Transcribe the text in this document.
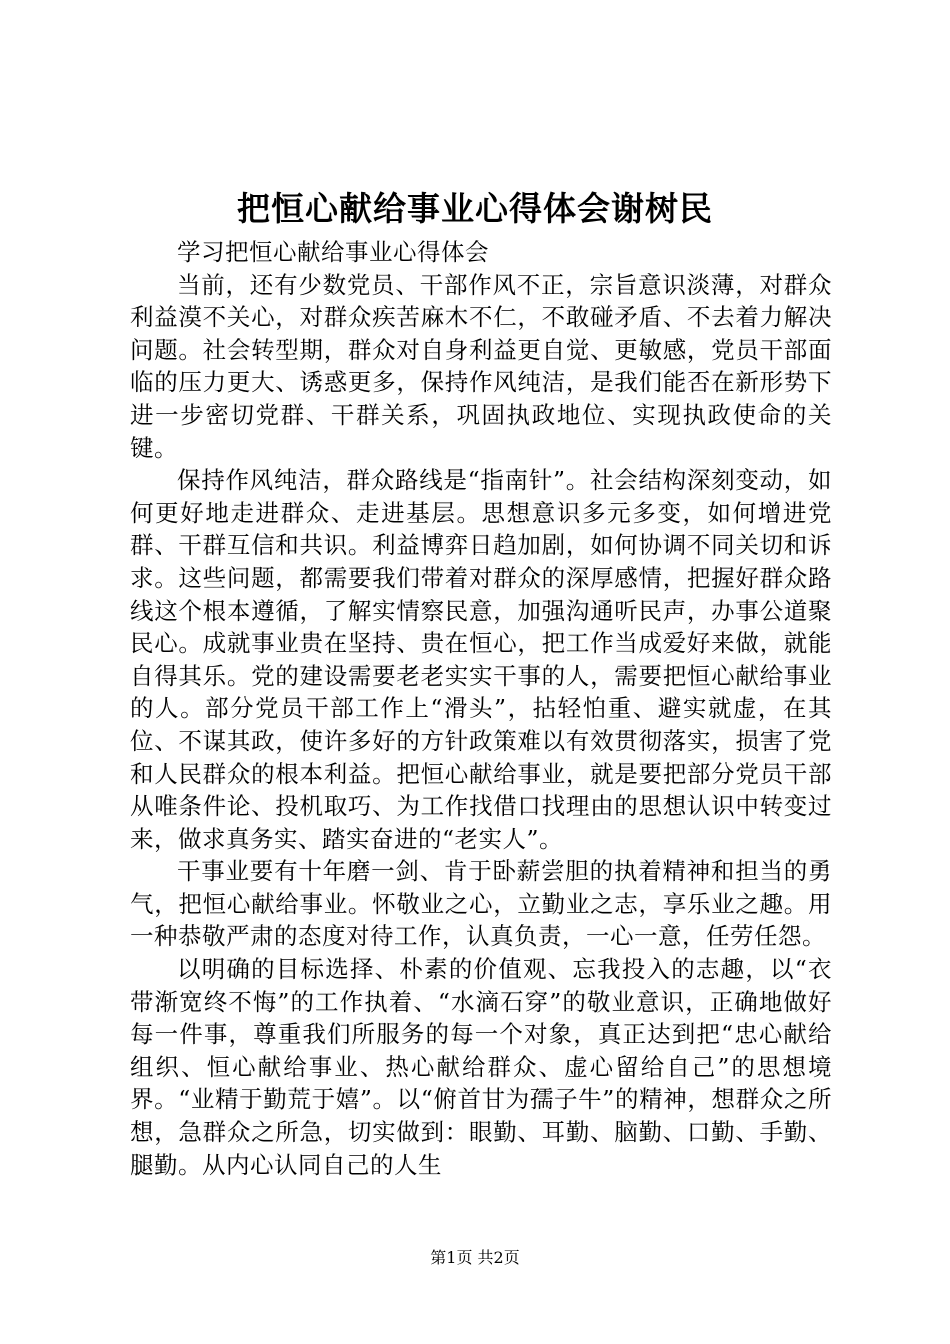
把恒心献给事业心得体会谢树民

学习把恒心献给事业心得体会

当前，还有少数党员、干部作风不正，宗旨意识淡薄，对群众利益漠不关心，对群众疾苦麻木不仁，不敢碰矛盾、不去着力解决问题。社会转型期，群众对自身利益更自觉、更敏感，党员干部面临的压力更大、诱惑更多，保持作风纯洁，是我们能否在新形势下进一步密切党群、干群关系，巩固执政地位、实现执政使命的关键。

保持作风纯洁，群众路线是“指南针”。社会结构深刻变动，如何更好地走进群众、走进基层。思想意识多元多变，如何增进党群、干群互信和共识。利益博弈日趋加剧，如何协调不同关切和诉求。这些问题，都需要我们带着对群众的深厚感情，把握好群众路线这个根本遵循，了解实情察民意，加强沟通听民声，办事公道聚民心。成就事业贵在坚持、贵在恒心，把工作当成爱好来做，就能自得其乐。党的建设需要老老实实干事的人，需要把恒心献给事业的人。部分党员干部工作上“滑头”，拈轻怕重、避实就虚，在其位、不谋其政，使许多好的方针政策难以有效贯彻落实，损害了党和人民群众的根本利益。把恒心献给事业，就是要把部分党员干部从唯条件论、投机取巧、为工作找借口找理由的思想认识中转变过来，做求真务实、踏实奋进的“老实人”。

干事业要有十年磨一剑、肯于卧薪尝胆的执着精神和担当的勇气，把恒心献给事业。怀敬业之心，立勤业之志，享乐业之趣。用一种恭敬严肃的态度对待工作，认真负责，一心一意，任劳任怨。

以明确的目标选择、朴素的价值观、忘我投入的志趣，以“衣带渐宽终不悔”的工作执着、“水滴石穿”的敬业意识，正确地做好每一件事，尊重我们所服务的每一个对象，真正达到把“忠心献给组织、恒心献给事业、热心献给群众、虚心留给自己”的思想境界。“业精于勤荒于嬉”。以“俯首甘为孺子牛”的精神，想群众之所想，急群众之所急，切实做到：眼勤、耳勤、脑勤、口勤、手勤、腿勤。从内心认同自己的人生

第1页 共2页
